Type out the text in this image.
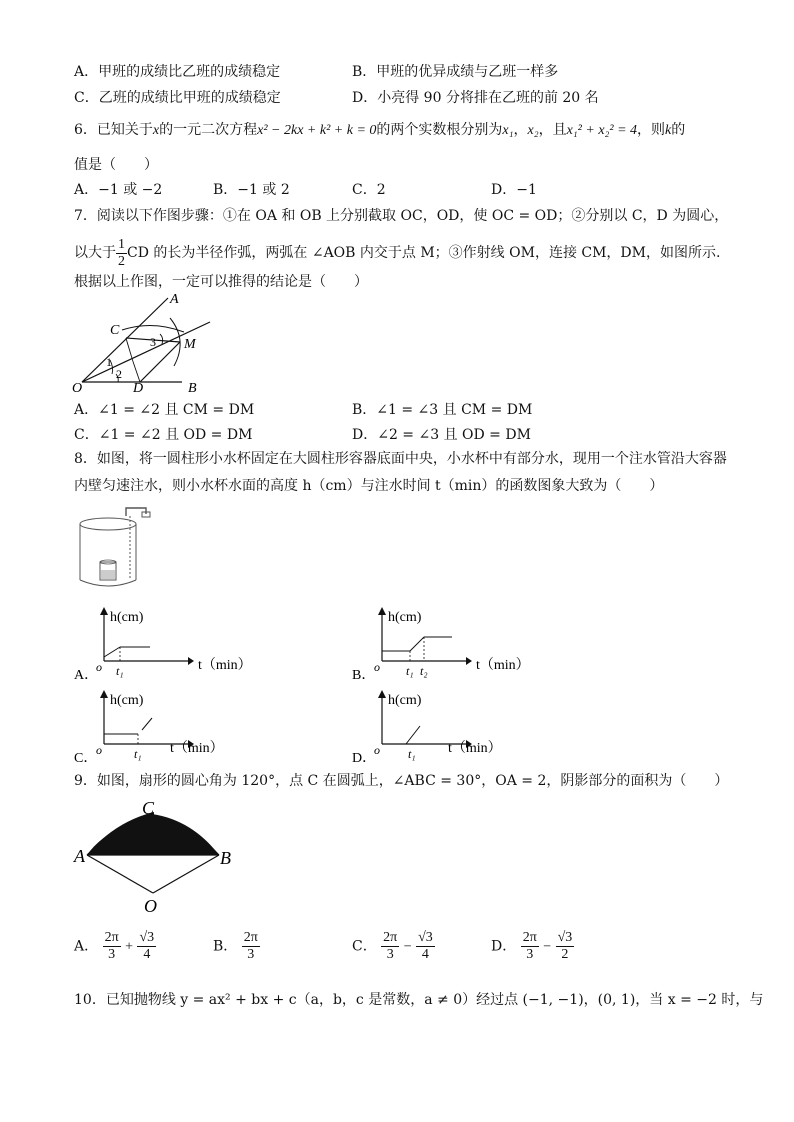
A．甲班的成绩比乙班的成绩稳定	B．甲班的优异成绩与乙班一样多
C．乙班的成绩比甲班的成绩稳定	D．小亮得 90 分将排在乙班的前 20 名
6．已知关于x的一元二次方程x² − 2kx + k² + k = 0的两个实数根分别为x₁，x₂，且x₁² + x₂² = 4，则k的
值是（　　）
A．−1 或 −2	B．−1 或 2	C．2	D．−1
7．阅读以下作图步骤：①在 OA 和 OB 上分别截取 OC，OD，使 OC = OD；②分别以 C，D 为圆心，
以大于 $\frac{1}{2}$ CD 的长为半径作弧，两弧在 ∠AOB 内交于点 M；③作射线 OM，连接 CM，DM，如图所示.
根据以上作图，一定可以推得的结论是（　　）
A
B
C
D
O
M
1
2
3
A．∠1 = ∠2 且 CM = DM	B．∠1 = ∠3 且 CM = DM
C．∠1 = ∠2 且 OD = DM	D．∠2 = ∠3 且 OD = DM
8．如图，将一圆柱形小水杯固定在大圆柱形容器底面中央，小水杯中有部分水，现用一个注水管沿大容器
内壁匀速注水，则小水杯水面的高度 h（cm）与注水时间 t（min）的函数图象大致为（　　）
A．
h(cm)
t（min）
o t₁	B．
h(cm)
t（min）
o t₁ t₂
C．
h(cm)
t（min）
o	t₁	D．
h(cm)
t（min）
o t₁
9．如图，扇形的圆心角为 120°，点 C 在圆弧上，∠ABC = 30°，OA = 2，阴影部分的面积为（　　）
A	B
C
O
A． $\frac{2\pi}{3} + \frac{√3}{4}$	B． $\frac{2\pi}{3}$	C． $\frac{2\pi}{3} - \frac{√3}{4}$	D． $\frac{2\pi}{3} - \frac{√3}{2}$
10．已知抛物线 y = ax² + bx + c（a，b，c 是常数，a ≠ 0）经过点 (−1, −1)，(0, 1)，当 x = −2 时，与
